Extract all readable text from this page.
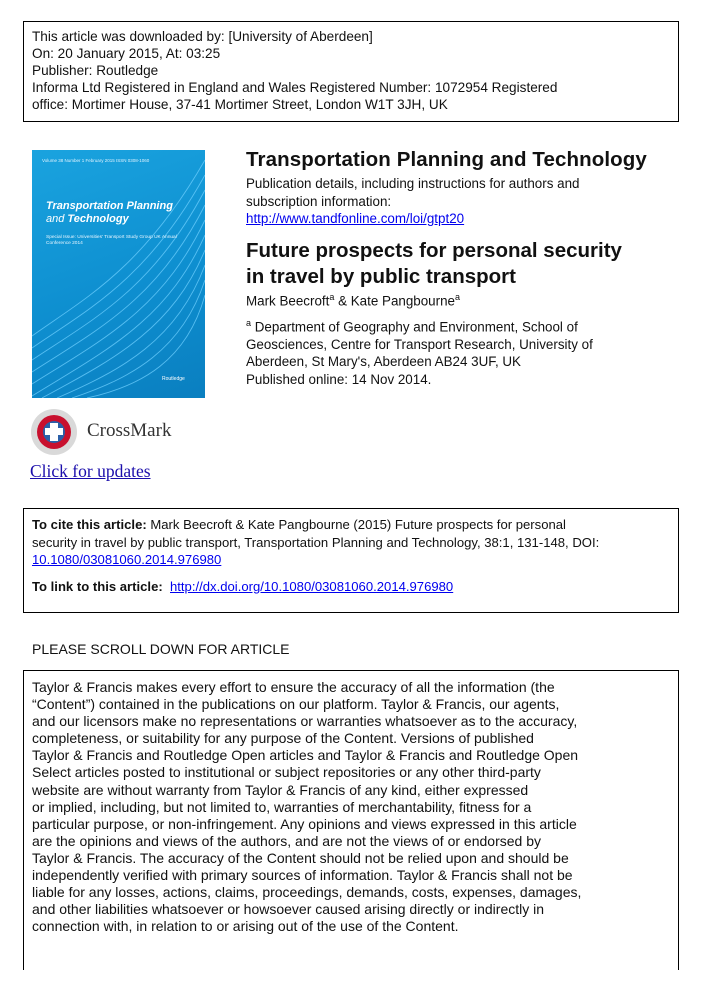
This article was downloaded by: [University of Aberdeen]
On: 20 January 2015, At: 03:25
Publisher: Routledge
Informa Ltd Registered in England and Wales Registered Number: 1072954 Registered
office: Mortimer House, 37-41 Mortimer Street, London W1T 3JH, UK
Volume 38 Number 1 February 2015 ISSN 0308-1060
Transportation Planning
and Technology
Special Issue: Universities' Transport Study Group UK Annual Conference 2014
Routledge
CrossMark
Click for updates
Transportation Planning and Technology
Publication details, including instructions for authors and
subscription information:
http://www.tandfonline.com/loi/gtpt20
Future prospects for personal security
in travel by public transport
Mark Beecroft$^a$ & Kate Pangbourne$^a$
$^a$ Department of Geography and Environment, School of
Geosciences, Centre for Transport Research, University of
Aberdeen, St Mary's, Aberdeen AB24 3UF, UK
Published online: 14 Nov 2014.
To cite this article: Mark Beecroft & Kate Pangbourne (2015) Future prospects for personal
security in travel by public transport, Transportation Planning and Technology, 38:1, 131-148, DOI:
10.1080/03081060.2014.976980
To link to this article:  http://dx.doi.org/10.1080/03081060.2014.976980
PLEASE SCROLL DOWN FOR ARTICLE
Taylor & Francis makes every effort to ensure the accuracy of all the information (the
“Content”) contained in the publications on our platform. Taylor & Francis, our agents,
and our licensors make no representations or warranties whatsoever as to the accuracy,
completeness, or suitability for any purpose of the Content. Versions of published
Taylor & Francis and Routledge Open articles and Taylor & Francis and Routledge Open
Select articles posted to institutional or subject repositories or any other third-party
website are without warranty from Taylor & Francis of any kind, either expressed
or implied, including, but not limited to, warranties of merchantability, fitness for a
particular purpose, or non-infringement. Any opinions and views expressed in this article
are the opinions and views of the authors, and are not the views of or endorsed by
Taylor & Francis. The accuracy of the Content should not be relied upon and should be
independently verified with primary sources of information. Taylor & Francis shall not be
liable for any losses, actions, claims, proceedings, demands, costs, expenses, damages,
and other liabilities whatsoever or howsoever caused arising directly or indirectly in
connection with, in relation to or arising out of the use of the Content.
